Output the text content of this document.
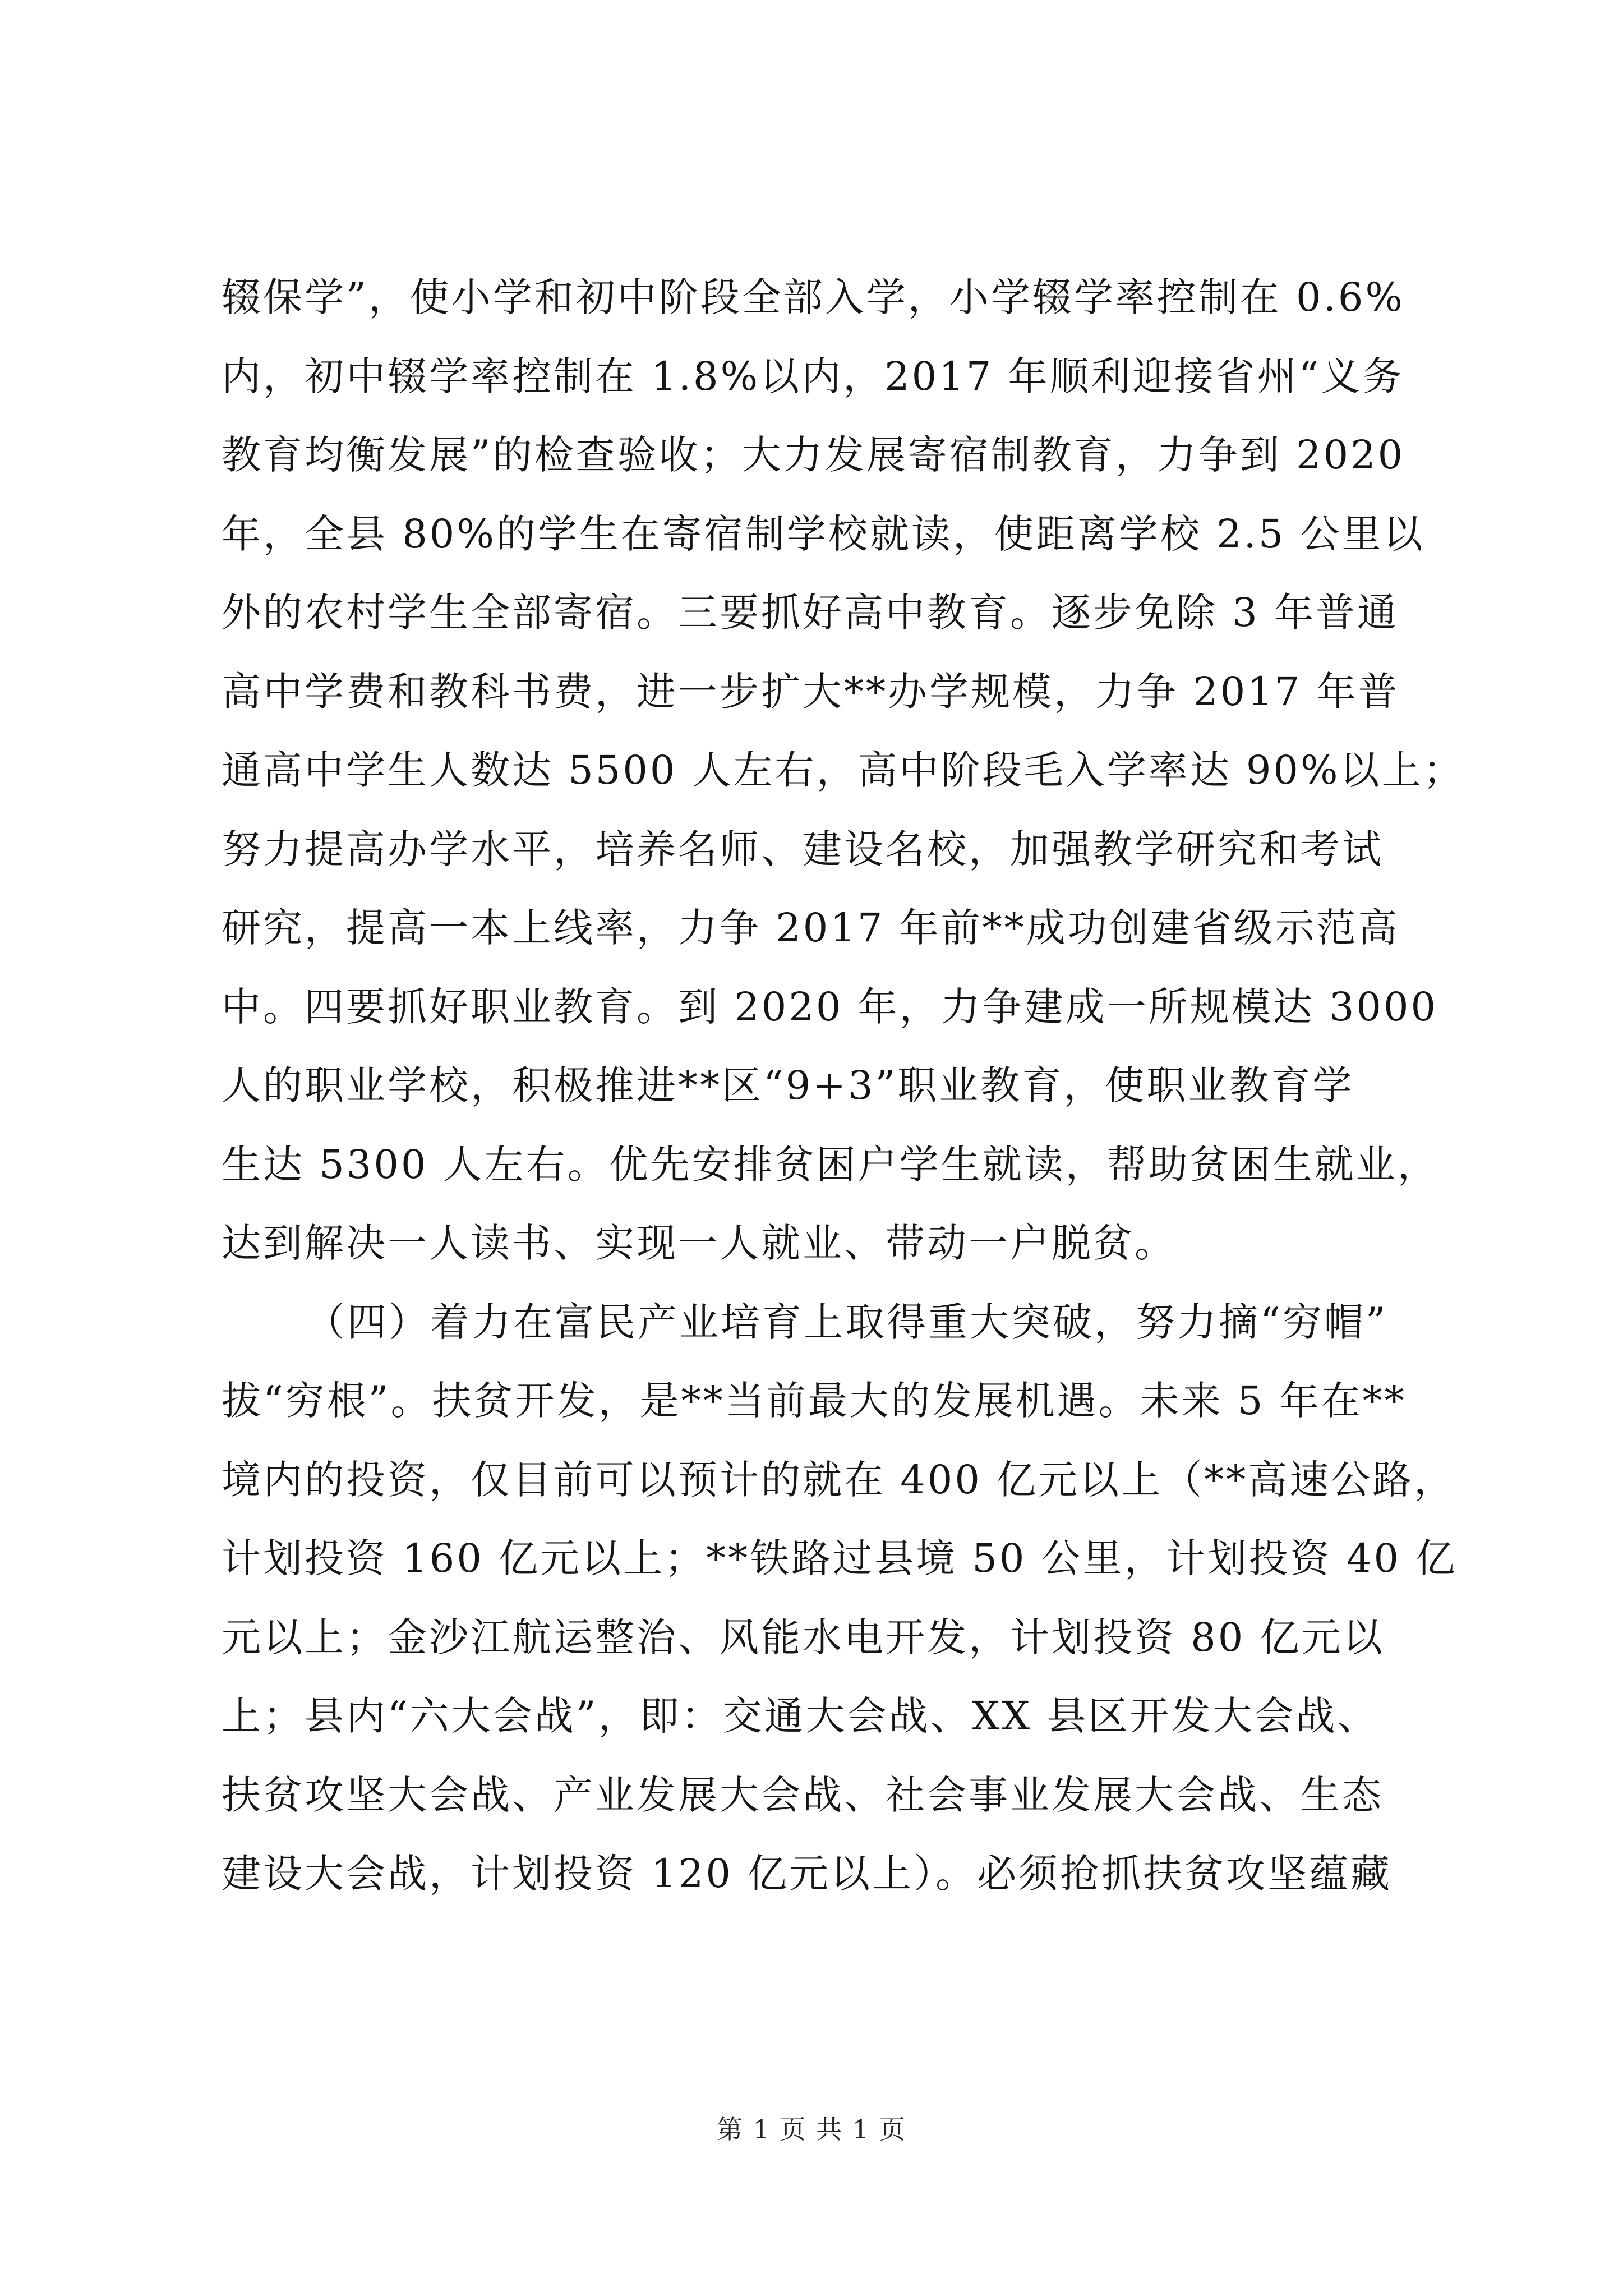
辍保学”，使小学和初中阶段全部入学，小学辍学率控制在 0.6%
内，初中辍学率控制在 1.8%以内，2017 年顺利迎接省州“义务
教育均衡发展”的检查验收；大力发展寄宿制教育，力争到 2020
年，全县 80%的学生在寄宿制学校就读，使距离学校 2.5 公里以
外的农村学生全部寄宿。三要抓好高中教育。逐步免除 3 年普通
高中学费和教科书费，进一步扩大**办学规模，力争 2017 年普
通高中学生人数达 5500 人左右，高中阶段毛入学率达 90%以上；
努力提高办学水平，培养名师、建设名校，加强教学研究和考试
研究，提高一本上线率，力争 2017 年前**成功创建省级示范高
中。四要抓好职业教育。到 2020 年，力争建成一所规模达 3000
人的职业学校，积极推进**区“9+3”职业教育，使职业教育学
生达 5300 人左右。优先安排贫困户学生就读，帮助贫困生就业，
达到解决一人读书、实现一人就业、带动一户脱贫。
（四）着力在富民产业培育上取得重大突破，努力摘“穷帽”
拔“穷根”。扶贫开发，是**当前最大的发展机遇。未来 5 年在**
境内的投资，仅目前可以预计的就在 400 亿元以上（**高速公路，
计划投资 160 亿元以上；**铁路过县境 50 公里，计划投资 40 亿
元以上；金沙江航运整治、风能水电开发，计划投资 80 亿元以
上；县内“六大会战”，即：交通大会战、XX 县区开发大会战、
扶贫攻坚大会战、产业发展大会战、社会事业发展大会战、生态
建设大会战，计划投资 120 亿元以上）。必须抢抓扶贫攻坚蕴藏
第 1 页 共 1 页
